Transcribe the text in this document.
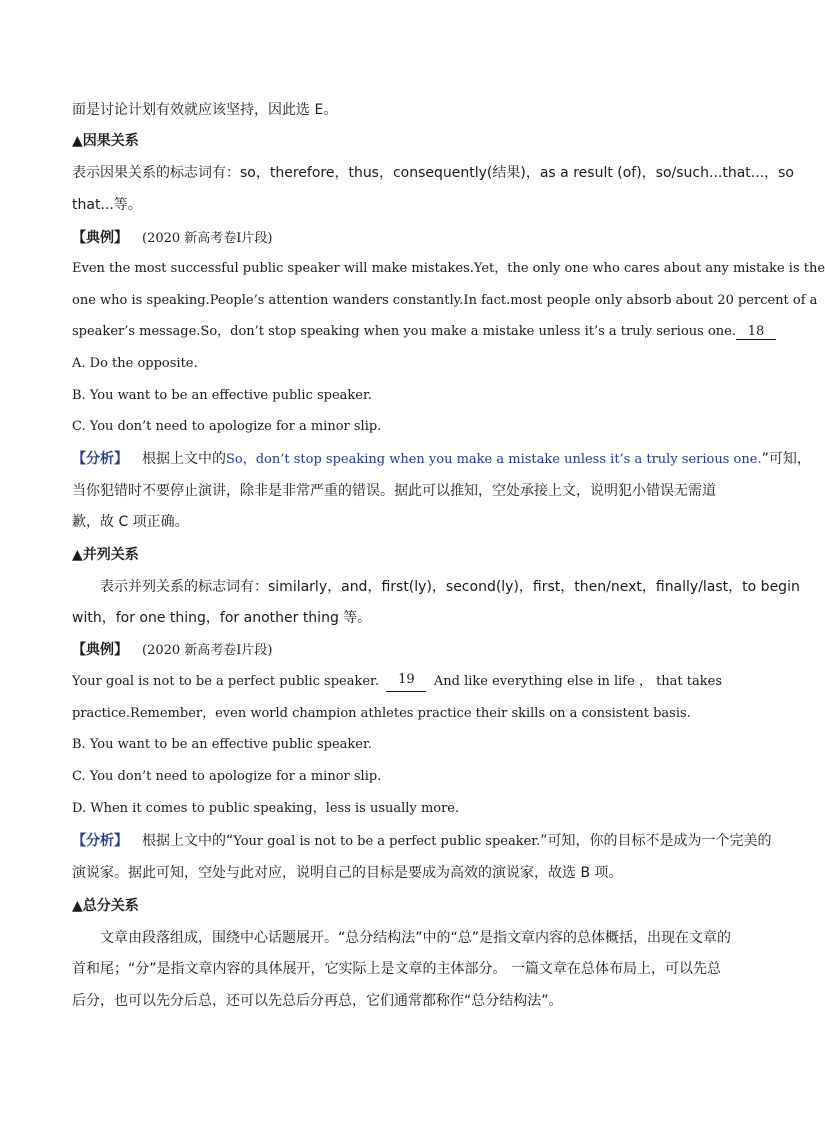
面是讨论计划有效就应该坚持，因此选 E。
▲因果关系
表示因果关系的标志词有：so，therefore，thus，consequently(结果)，as a result (of)，so/such...that...，so
that...等。
【典例】 (2020 新高考卷Ⅰ片段)
Even the most successful public speaker will make mistakes.Yet，the only one who cares about any mistake is the
one who is speaking.People’s attention wanders constantly.In fact.most people only absorb about 20 percent of a
speaker’s message.So，don’t stop speaking when you make a mistake unless it’s a truly serious one. 18
A. Do the opposite.
B. You want to be an effective public speaker.
C. You don’t need to apologize for a minor slip.
【分析】 根据上文中的So，don’t stop speaking when you make a mistake unless it’s a truly serious one.”可知，
当你犯错时不要停止演讲，除非是非常严重的错误。据此可以推知，空处承接上文，说明犯小错误无需道
歉，故 C 项正确。
▲并列关系
表示并列关系的标志词有：similarly，and，first(ly)，second(ly)，first，then/next，finally/last，to begin
with，for one thing，for another thing 等。
【典例】 (2020 新高考卷Ⅰ片段)
Your goal is not to be a perfect public speaker.	19	And like everything else in life ， that takes
practice.Remember，even world champion athletes practice their skills on a consistent basis.
B. You want to be an effective public speaker.
C. You don’t need to apologize for a minor slip.
D. When it comes to public speaking，less is usually more.
【分析】 根据上文中的“Your goal is not to be a perfect public speaker.”可知，你的目标不是成为一个完美的
演说家。据此可知，空处与此对应，说明自己的目标是要成为高效的演说家，故选 B 项。
▲总分关系
文章由段落组成，围绕中心话题展开。“总分结构法”中的“总”是指文章内容的总体概括，出现在文章的
首和尾；“分”是指文章内容的具体展开，它实际上是文章的主体部分。 一篇文章在总体布局上，可以先总
后分，也可以先分后总，还可以先总后分再总，它们通常都称作“总分结构法”。
